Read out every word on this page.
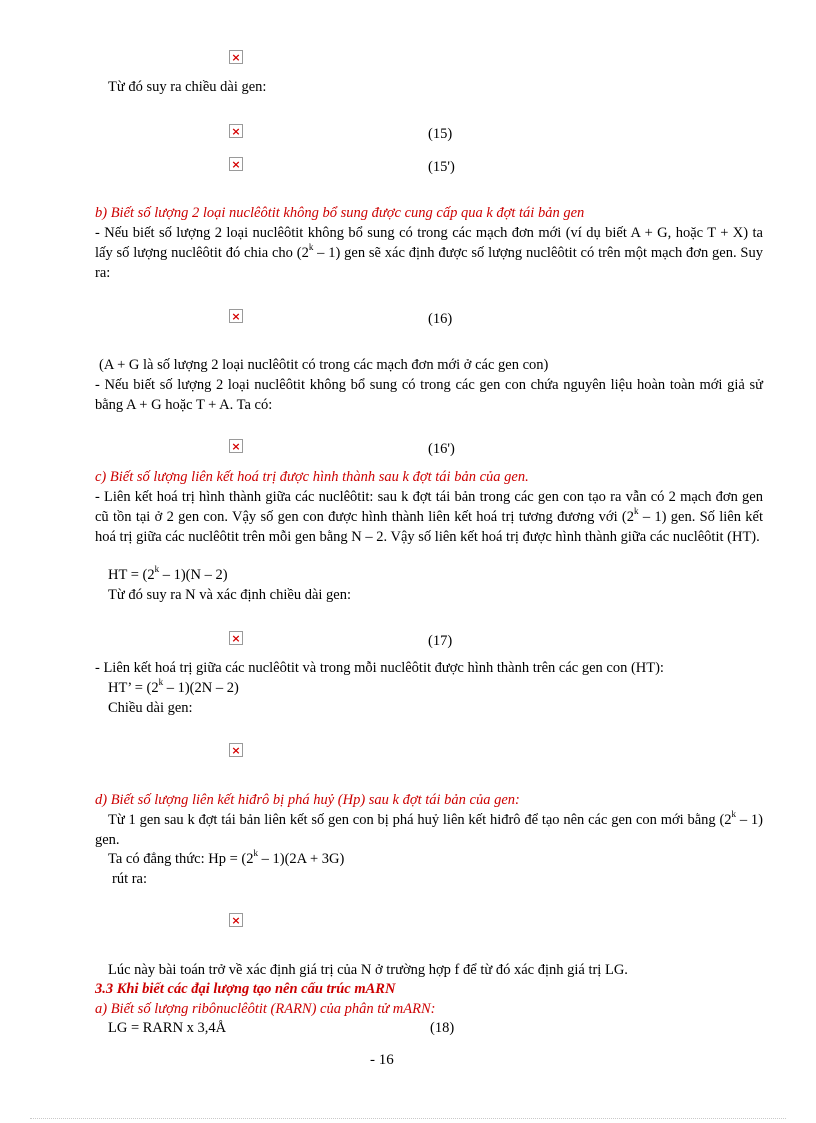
×
Từ đó suy ra chiều dài gen:
×	(15)
×	(15')
b) Biết số lượng 2 loại nuclêôtit không bổ sung được cung cấp qua k đợt tái bản gen
- Nếu biết số lượng 2 loại nuclêôtit không bổ sung có trong các mạch đơn mới (ví dụ biết A + G, hoặc T + X) ta lấy số lượng nuclêôtit đó chia cho (2$^k$ – 1) gen sẽ xác định được số lượng nuclêôtit có trên một mạch đơn gen. Suy ra:
×	(16)
(A + G là số lượng 2 loại nuclêôtit có trong các mạch đơn mới ở các gen con)
- Nếu biết số lượng 2 loại nuclêôtit không bổ sung có trong các gen con chứa nguyên liệu hoàn toàn mới giả sử bằng A + G hoặc T + A. Ta có:
×	(16')
c) Biết số lượng liên kết hoá trị được hình thành sau k đợt tái bản của gen.
- Liên kết hoá trị hình thành giữa các nuclêôtit: sau k đợt tái bản trong các gen con tạo ra vẫn có 2 mạch đơn gen cũ tồn tại ở 2 gen con. Vậy số gen con được hình thành liên kết hoá trị tương đương với (2$^k$ – 1) gen. Số liên kết hoá trị giữa các nuclêôtit trên mỗi gen bằng N – 2. Vậy số liên kết hoá trị được hình thành giữa các nuclêôtit (HT).
HT = $(2^k - 1)(N - 2)$
Từ đó suy ra N và xác định chiều dài gen:
×	(17)
- Liên kết hoá trị giữa các nuclêôtit và trong mỗi nuclêôtit được hình thành trên các gen con (HT):
HT’ = $(2^k - 1)(2N - 2)$
Chiều dài gen:
×
d) Biết số lượng liên kết hiđrô bị phá huỷ (Hp) sau k đợt tái bản của gen:
Từ 1 gen sau k đợt tái bản liên kết số gen con bị phá huỷ liên kết hiđrô để tạo nên các gen con mới bằng (2$^k$ – 1) gen.
Ta có đẳng thức: $Hp = (2^k - 1)(2A + 3G)$
rút ra:
×
Lúc này bài toán trở về xác định giá trị của N ở trường hợp f để từ đó xác định giá trị LG.
3.3 Khi biết các đại lượng tạo nên cấu trúc mARN
a) Biết số lượng ribônuclêôtit (RARN) của phân tử mARN:
LG = RARN x 3,4Å	(18)
- 16
